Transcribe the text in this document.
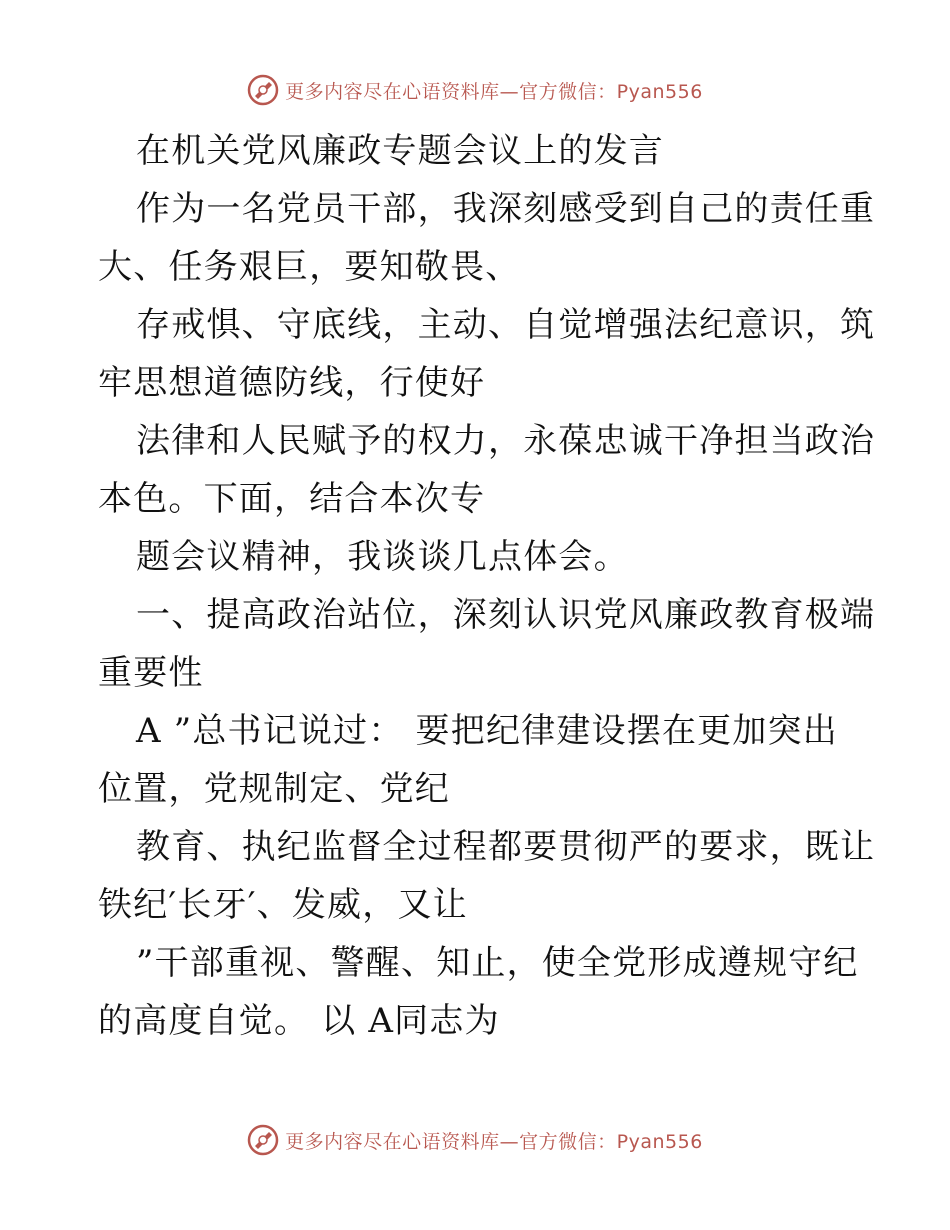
更多内容尽在心语资料库—官方微信：Pyan556
在机关党风廉政专题会议上的发言
作为一名党员干部，我深刻感受到自己的责任重
大、任务艰巨，要知敬畏、
存戒惧、守底线，主动、自觉增强法纪意识，筑
牢思想道德防线，行使好
法律和人民赋予的权力，永葆忠诚干净担当政治
本色。下面，结合本次专
题会议精神，我谈谈几点体会。
一、提高政治站位，深刻认识党风廉政教育极端
重要性
A ”总书记说过： 要把纪律建设摆在更加突出
位置，党规制定、党纪
教育、执纪监督全过程都要贯彻严的要求，既让
铁纪′长牙′、发威，又让
”干部重视、警醒、知止，使全党形成遵规守纪
的高度自觉。 以 A同志为
更多内容尽在心语资料库—官方微信：Pyan556
